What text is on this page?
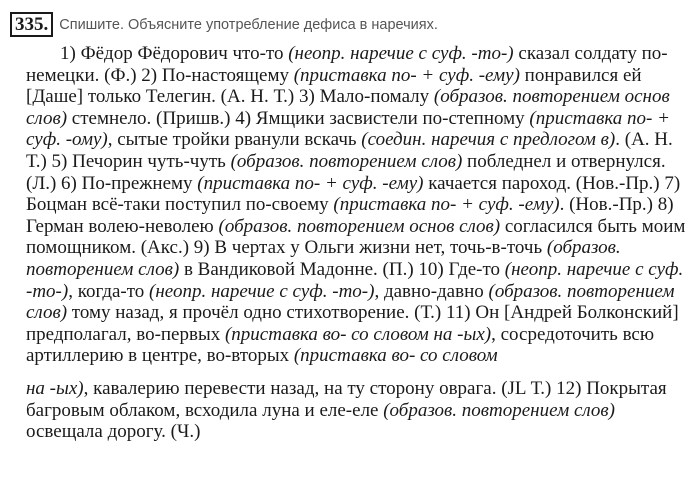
335. Спишите. Объясните употребление дефиса в наречиях.

1) Фёдор Фёдорович что-то (неопр. наречие с суф. -то-) сказал солдату по-немецки. (Ф.) 2) По-настоящему (приставка по- + суф. -ему) понравился ей [Даше] только Телегин. (А. Н. Т.) 3) Мало-помалу (образов. повторением основ слов) стемнело. (Пришв.) 4) Ямщики засвистели по-степному (приставка по- + суф. -ому), сытые тройки рванули вскачь (соедин. наречия с предлогом в). (А. Н. Т.) 5) Печорин чуть-чуть (образов. повторением слов) побледнел и отвернулся. (Л.) 6) По-прежнему (приставка по- + суф. -ему) качается пароход. (Нов.-Пр.) 7) Боцман всё-таки поступил по-своему (приставка по- + суф. -ему). (Нов.-Пр.) 8) Герман волею-неволею (образов. повторением основ слов) согласился быть моим помощником. (Акс.) 9) В чертах у Ольги жизни нет, точь-в-точь (образов. повторением слов) в Вандиковой Мадонне. (П.) 10) Где-то (неопр. наречие с суф. -то-), когда-то (неопр. наречие с суф. -то-), давно-давно (образов. повторением слов) тому назад, я прочёл одно стихотворение. (Т.) 11) Он [Андрей Болконский] предполагал, во-первых (приставка во- со словом на -ых), сосредоточить всю артиллерию в центре, во-вторых (приставка во- со словом

на -ых), кавалерию перевести назад, на ту сторону оврага. (JL Т.) 12) Покрытая багровым облаком, всходила луна и еле-еле (образов. повторением слов) освещала дорогу. (Ч.)
